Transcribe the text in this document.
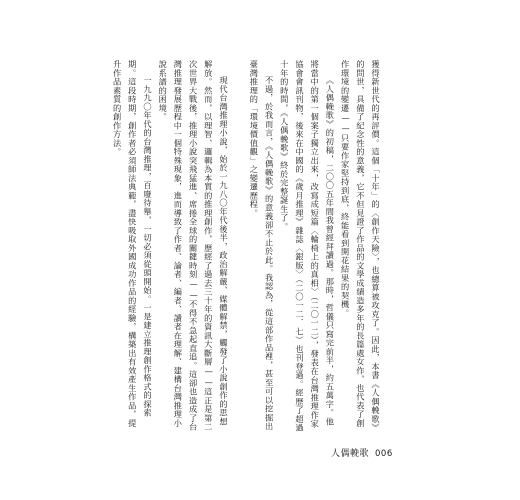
獲得新世代的再評價。這個「十年」的〈創作天險〉，也總算被攻克了。因此，本書《人偶輓歌》的問世，具備了紀念性的意義，它不但見證了作品的文學成績造多年的長篇處女作，也代表了創作環境的變遷——只要作家堅持到底，終能看到開花結果的契機。

《人偶輓歌》的初稿，二〇〇五年間我曾經拜讀過。那時，哲儀只寫完前半，約五萬字。他將當中的第一個案子獨立出來，改寫成短篇〈輪椅上的真相〉（二〇一二），發表在台灣推理作家協會會訊刊物，後來在中國的《歲月推理》雜誌〈銀版〉（二〇一二．七）也刊登過。經歷了超過十年的時間，《人偶輓歌》終於完整誕生了。

不過，於我而言，《人偶輓歌》的意義卻不止於此。我認為，從這部作品裡，甚至可以挖掘出臺灣推理的「環境價值觀」之變遷歷程。

現代台灣推理小說，始於一九八〇年代後半，政治解嚴、媒體解禁，觸發了小說創作的思想解放。然而，以理智、邏輯為本質的推理創作，歷經了過去三十年的資訊大斷層——這正是第二次世界大戰後，推理小說突飛猛進、席捲全球的關鍵時刻——不得不急起直追。這卻也造成了台灣推理發展歷程中一個特殊現象，進而導致了作者、論者、編者、讀者在理解、建構台灣推理小說系譜的困境。

一九九〇年代的台灣推理，百廢待舉，一切必須從頭開始。一是建立推理創作格式的探索期。這段時期，創作者必須師法典範，盡快吸取外國成功作品的經驗，構築出有效產生作品，提升作品素質的創作方法。

人偶輓歌 006
